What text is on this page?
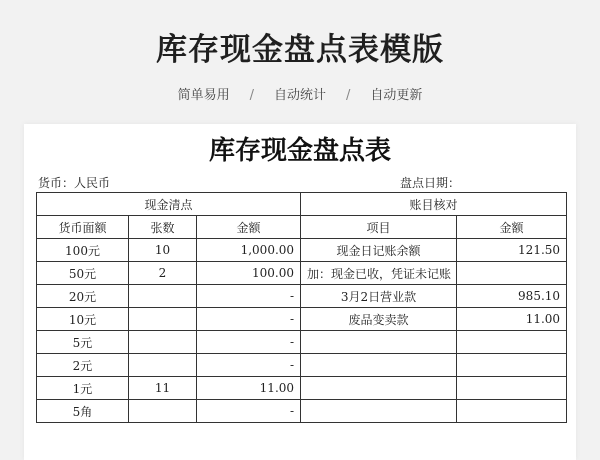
库存现金盘点表模版
简单易用 / 自动统计 / 自动更新
库存现金盘点表
货币：人民币	盘点日期：
现金清点			账目核对	
货币面额	张数	金额	项目	金额
100元	10	1,000.00	现金日记账余额	121.50
50元	2	100.00	加：现金已收，凭证未记账	
20元		-	3月2日营业款	985.10
10元		-	废品变卖款	11.00
5元		-		
2元		-		
1元	11	11.00		
5角		-		
